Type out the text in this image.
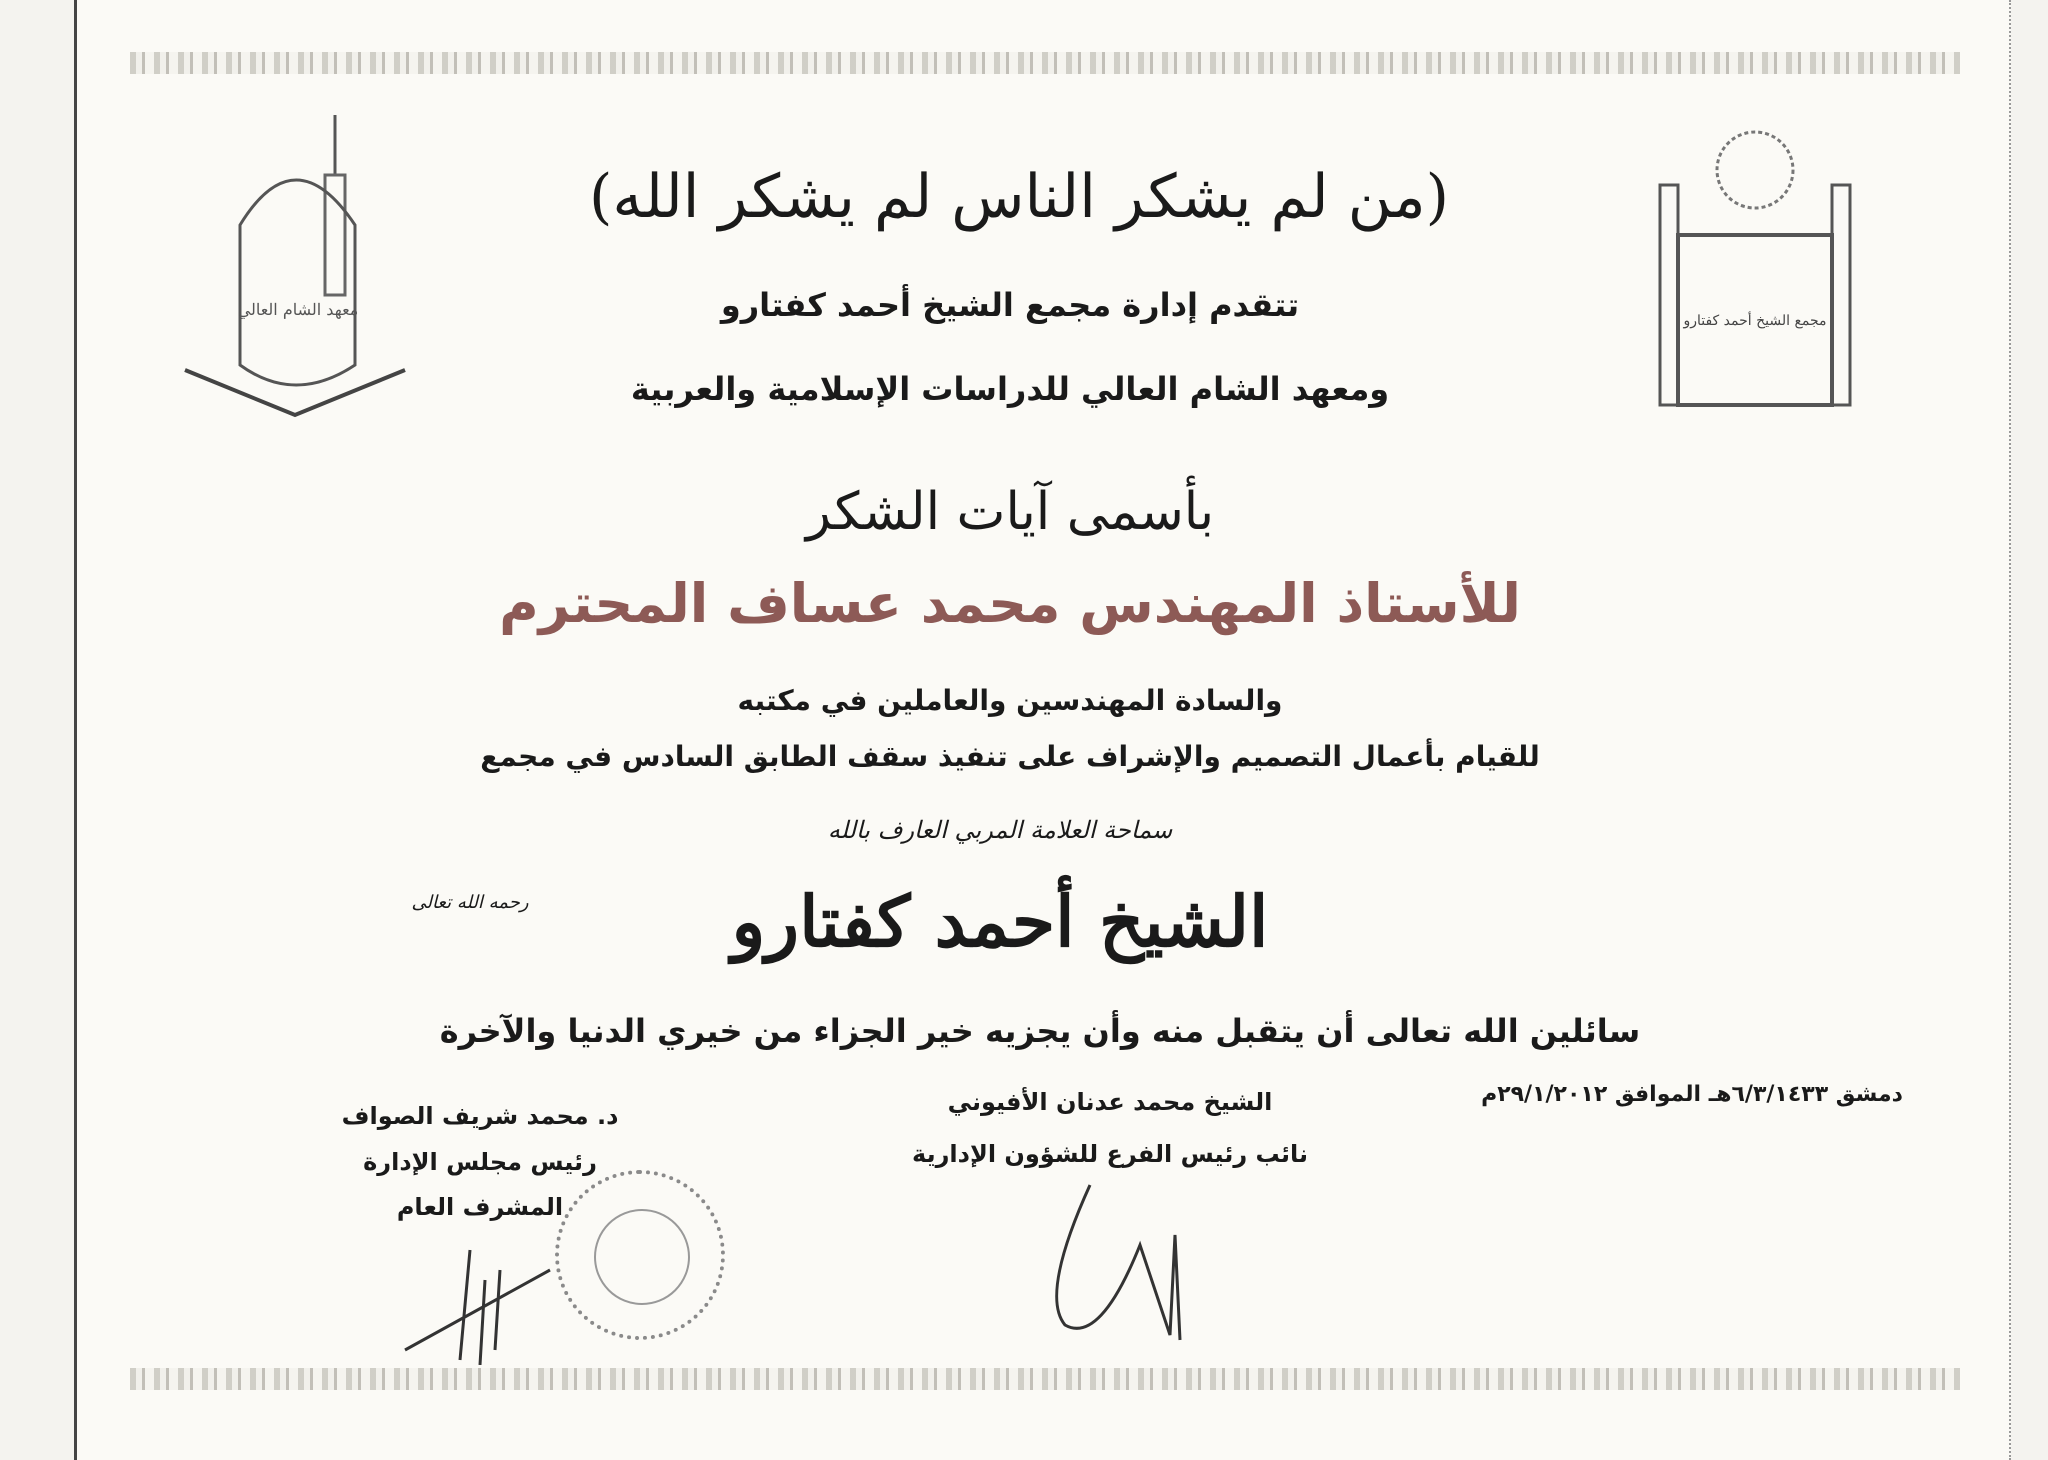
معهد الشام العالي
مجمع الشيخ أحمد كفتارو
(من لم يشكر الناس لم يشكر الله)
تتقدم إدارة مجمع الشيخ أحمد كفتارو
ومعهد الشام العالي للدراسات الإسلامية والعربية
بأسمى آيات الشكر
للأستاذ المهندس محمد عساف المحترم
والسادة المهندسين والعاملين في مكتبه
للقيام بأعمال التصميم والإشراف على تنفيذ سقف الطابق السادس في مجمع
سماحة العلامة المربي العارف بالله
الشيخ أحمد كفتارو
رحمه الله تعالى
سائلين الله تعالى أن يتقبل منه وأن يجزيه خير الجزاء من خيري الدنيا والآخرة
دمشق ٦/٣/١٤٣٣هـ الموافق ٢٩/١/٢٠١٢م
الشيخ محمد عدنان الأفيوني
نائب رئيس الفرع للشؤون الإدارية
د. محمد شريف الصواف
رئيس مجلس الإدارة
المشرف العام
